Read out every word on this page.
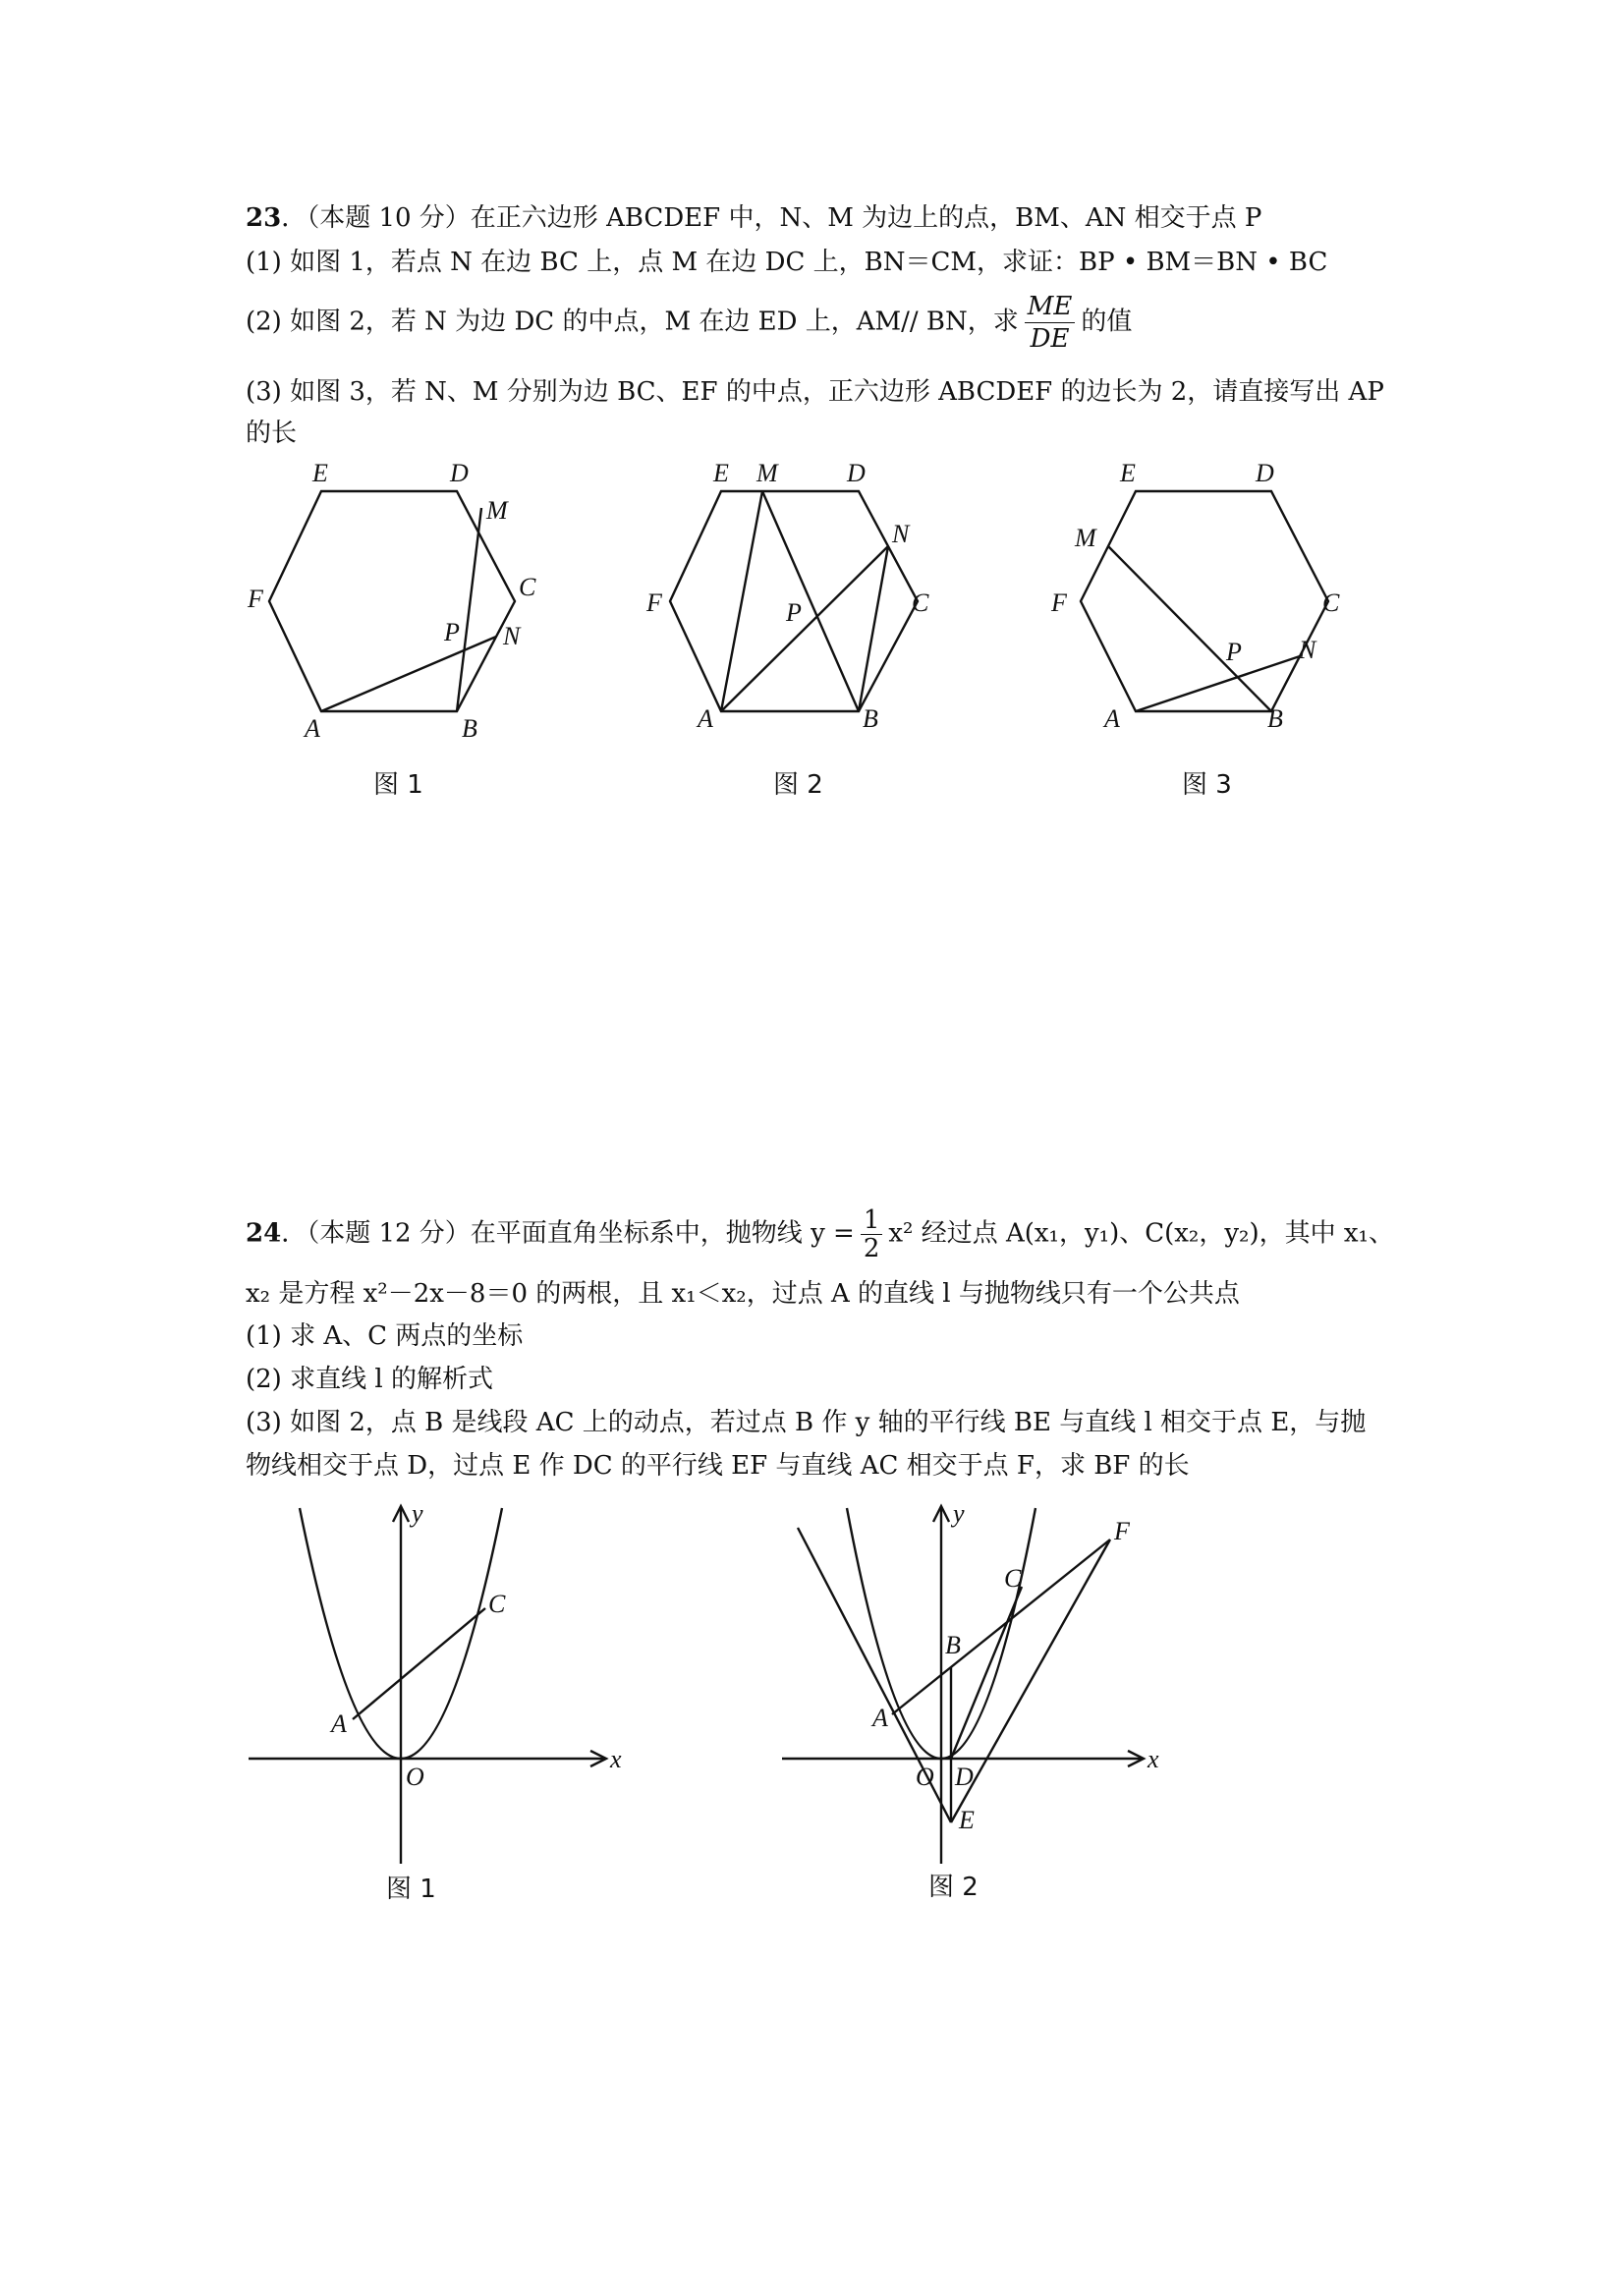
23．（本题 10 分）在正六边形 ABCDEF 中，N、M 为边上的点，BM、AN 相交于点 P
(1) 如图 1，若点 N 在边 BC 上，点 M 在边 DC 上，BN＝CM，求证：BP • BM＝BN • BC
(2) 如图 2，若 N 为边 DC 的中点，M 在边 ED 上，AM// BN，求 $\frac{ME}{DE}$ 的值
(3) 如图 3，若 N、M 分别为边 BC、EF 的中点，正六边形 ABCDEF 的边长为 2，请直接写出 AP
的长
A	B
C
D
E
F
M
N
P
图 1
A	B
C
D
E
F
M
N
P
图 2
A	B
C
D
E
F
M
N
P
图 3
24．（本题 12 分）在平面直角坐标系中，抛物线 $y = \frac{1}{2} x^2$ 经过点 A(x₁，y₁)、C(x₂，y₂)，其中 x₁、
x₂ 是方程 x²－2x－8＝0 的两根，且 x₁＜x₂，过点 A 的直线 l 与抛物线只有一个公共点
(1) 求 A、C 两点的坐标
(2) 求直线 l 的解析式
(3) 如图 2，点 B 是线段 AC 上的动点，若过点 B 作 y 轴的平行线 BE 与直线 l 相交于点 E，与抛
物线相交于点 D，过点 E 作 DC 的平行线 EF 与直线 AC 相交于点 F，求 BF 的长
x
y
A
C
O
图 1
x
y
A
B
C
D
E
F
O
图 2
